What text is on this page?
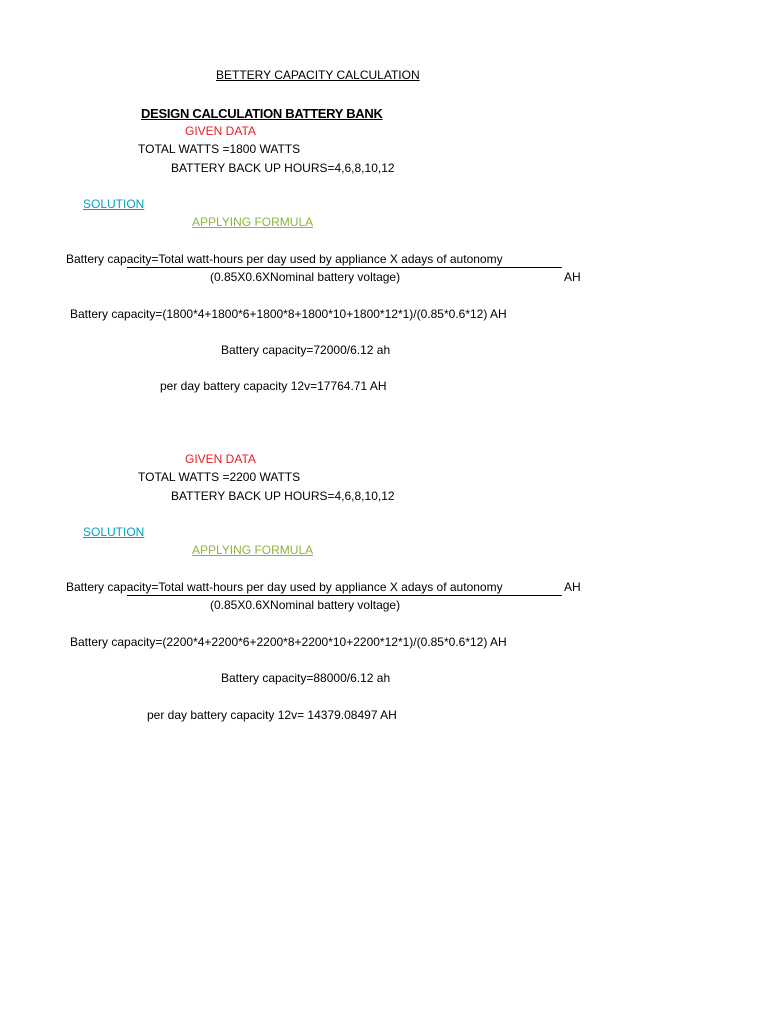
BETTERY CAPACITY CALCULATION
DESIGN CALCULATION BATTERY BANK
GIVEN DATA
TOTAL WATTS =1800 WATTS
BATTERY BACK UP HOURS=4,6,8,10,12
SOLUTION
APPLYING FORMULA
Battery capacity=Total watt-hours per day used by appliance X adays of autonomy
(0.85X0.6XNominal battery voltage)	AH
Battery capacity=(1800*4+1800*6+1800*8+1800*10+1800*12*1)/(0.85*0.6*12) AH
Battery capacity=72000/6.12 ah
per day battery capacity 12v=17764.71 AH
GIVEN DATA
TOTAL WATTS =2200 WATTS
BATTERY BACK UP HOURS=4,6,8,10,12
SOLUTION
APPLYING FORMULA
Battery capacity=Total watt-hours per day used by appliance X adays of autonomy	AH
(0.85X0.6XNominal battery voltage)
Battery capacity=(2200*4+2200*6+2200*8+2200*10+2200*12*1)/(0.85*0.6*12) AH
Battery capacity=88000/6.12 ah
per day battery capacity 12v= 14379.08497 AH
